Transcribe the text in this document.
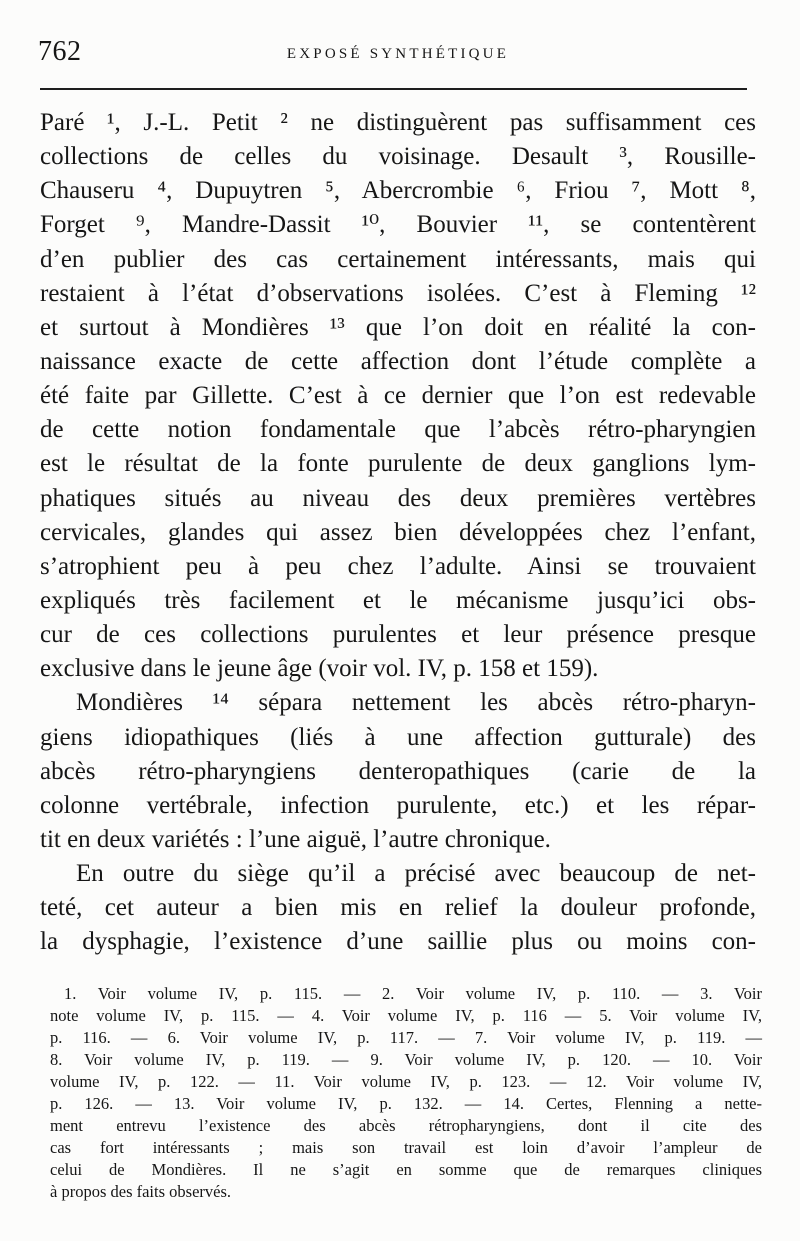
762	EXPOSÉ SYNTHÉTIQUE
Paré ¹, J.-L. Petit ² ne distinguèrent pas suffisamment ces
collections de celles du voisinage. Desault ³, Rousille-
Chauseru ⁴, Dupuytren ⁵, Abercrombie ⁶, Friou ⁷, Mott ⁸,
Forget ⁹, Mandre-Dassit ¹⁰, Bouvier ¹¹, se contentèrent
d’en publier des cas certainement intéressants, mais qui
restaient à l’état d’observations isolées. C’est à Fleming ¹²
et surtout à Mondières ¹³ que l’on doit en réalité la con-
naissance exacte de cette affection dont l’étude complète a
été faite par Gillette. C’est à ce dernier que l’on est redevable
de cette notion fondamentale que l’abcès rétro-pharyngien
est le résultat de la fonte purulente de deux ganglions lym-
phatiques situés au niveau des deux premières vertèbres
cervicales, glandes qui assez bien développées chez l’enfant,
s’atrophient peu à peu chez l’adulte. Ainsi se trouvaient
expliqués très facilement et le mécanisme jusqu’ici obs-
cur de ces collections purulentes et leur présence presque
exclusive dans le jeune âge (voir vol. IV, p. 158 et 159).
Mondières ¹⁴ sépara nettement les abcès rétro-pharyn-
giens idiopathiques (liés à une affection gutturale) des
abcès rétro-pharyngiens denteropathiques (carie de la
colonne vertébrale, infection purulente, etc.) et les répar-
tit en deux variétés : l’une aiguë, l’autre chronique.
En outre du siège qu’il a précisé avec beaucoup de net-
teté, cet auteur a bien mis en relief la douleur profonde,
la dysphagie, l’existence d’une saillie plus ou moins con-
1. Voir volume IV, p. 115. — 2. Voir volume IV, p. 110. — 3. Voir
note volume IV, p. 115. — 4. Voir volume IV, p. 116 — 5. Voir volume IV,
p. 116. — 6. Voir volume IV, p. 117. — 7. Voir volume IV, p. 119. —
8. Voir volume IV, p. 119. — 9. Voir volume IV, p. 120. — 10. Voir
volume IV, p. 122. — 11. Voir volume IV, p. 123. — 12. Voir volume IV,
p. 126. — 13. Voir volume IV, p. 132. — 14. Certes, Flenning a nette-
ment entrevu l’existence des abcès rétropharyngiens, dont il cite des
cas fort intéressants ; mais son travail est loin d’avoir l’ampleur de
celui de Mondières. Il ne s’agit en somme que de remarques cliniques
à propos des faits observés.
